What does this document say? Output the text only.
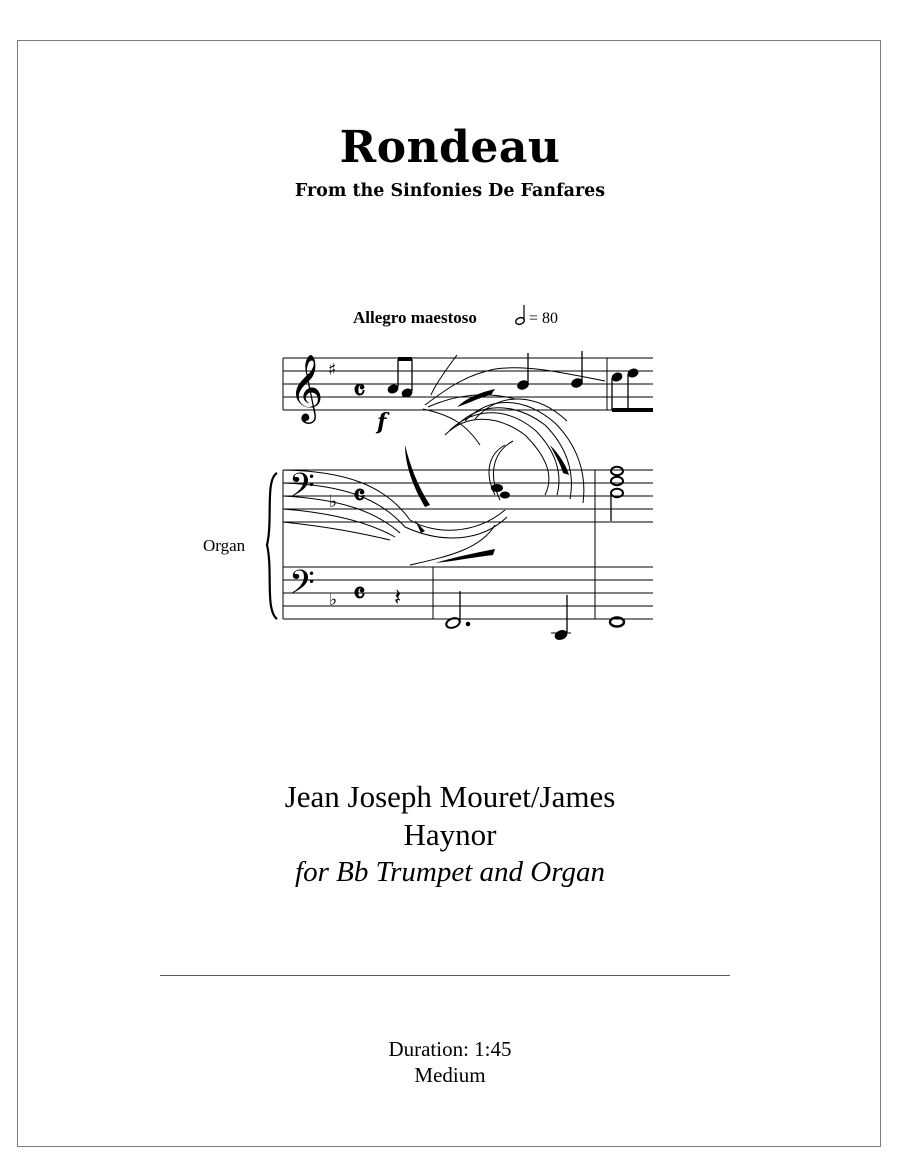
Rondeau
From the Sinfonies De Fanfares
Allegro maestoso	= 80
𝄞 ♯
𝄴
f
𝄢 ♭ 𝄴
𝄢 ♭ 𝄴 𝄽
Organ
Jean Joseph Mouret/James
Haynor
for Bb Trumpet and Organ
Duration: 1:45
Medium
